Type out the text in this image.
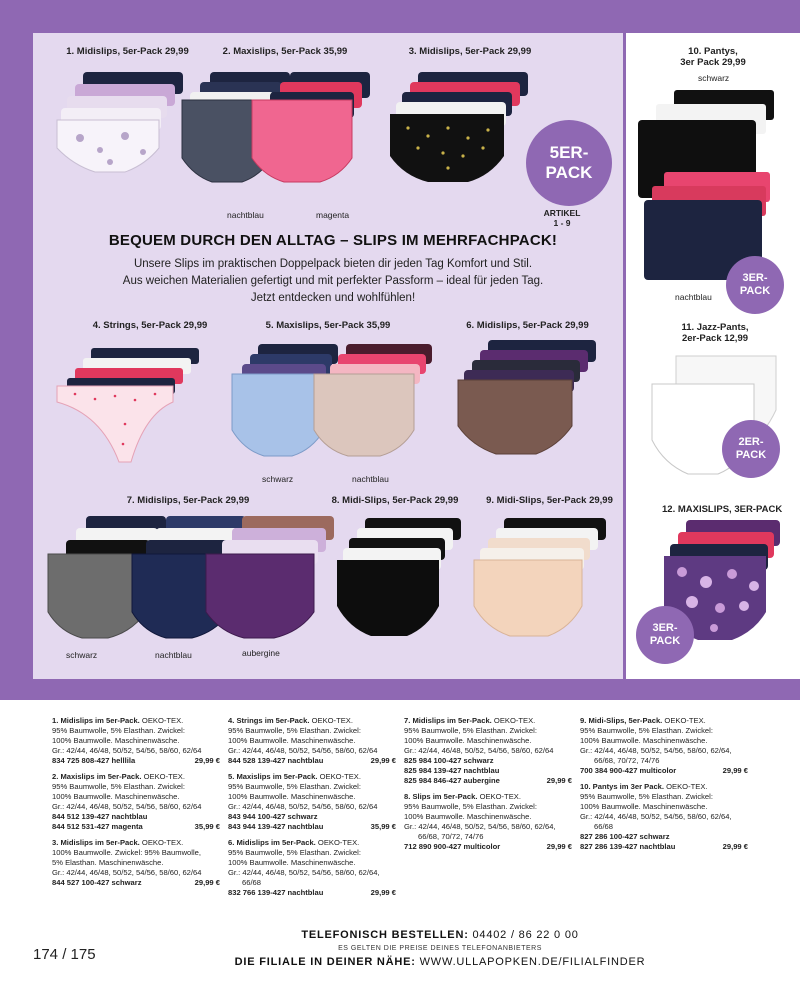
1. Midislips, 5er-Pack 29,99	2. Maxislips, 5er-Pack 35,99
nachtblau	magenta
3. Midislips, 5er-Pack 29,99
5ER-
PACK
ARTIKEL
1 - 9
BEQUEM DURCH DEN ALLTAG – SLIPS IM MEHRFACHPACK!
Unsere Slips im praktischen Doppelpack bieten dir jeden Tag Komfort und Stil.
Aus weichen Materialien gefertigt und mit perfekter Passform – ideal für jeden Tag.
Jetzt entdecken und wohlfühlen!
4. Strings, 5er-Pack 29,99	5. Maxislips, 5er-Pack 35,99
schwarz	nachtblau
6. Midislips, 5er-Pack 29,99
7. Midislips, 5er-Pack 29,99
schwarz	nachtblau	aubergine
8. Midi-Slips, 5er-Pack 29,99	9. Midi-Slips, 5er-Pack 29,99
10. Pantys,
3er Pack 29,99
schwarz
3ER-
PACK
nachtblau
11. Jazz-Pants,
2er-Pack 12,99
2ER-
PACK
12. MAXISLIPS, 3ER-PACK
3ER-
PACK
1. Midislips im 5er-Pack. OEKO-TEX.
95% Baumwolle, 5% Elasthan. Zwickel:
100% Baumwolle. Maschinenwäsche.
Gr.: 42/44, 46/48, 50/52, 54/56, 58/60, 62/64
834 725 808-427 helllila	29,99 €
2. Maxislips im 5er-Pack. OEKO-TEX.
95% Baumwolle, 5% Elasthan. Zwickel:
100% Baumwolle. Maschinenwäsche.
Gr.: 42/44, 46/48, 50/52, 54/56, 58/60, 62/64
844 512 139-427 nachtblau
844 512 531-427 magenta	35,99 €
3. Midislips im 5er-Pack. OEKO-TEX.
100% Baumwolle. Zwickel: 95% Baumwolle,
5% Elasthan. Maschinenwäsche.
Gr.: 42/44, 46/48, 50/52, 54/56, 58/60, 62/64
844 527 100-427 schwarz	29,99 €
4. Strings im 5er-Pack. OEKO-TEX.
95% Baumwolle, 5% Elasthan. Zwickel:
100% Baumwolle. Maschinenwäsche.
Gr.: 42/44, 46/48, 50/52, 54/56, 58/60, 62/64
844 528 139-427 nachtblau	29,99 €
5. Maxislips im 5er-Pack. OEKO-TEX.
95% Baumwolle, 5% Elasthan. Zwickel:
100% Baumwolle. Maschinenwäsche.
Gr.: 42/44, 46/48, 50/52, 54/56, 58/60, 62/64
843 944 100-427 schwarz
843 944 139-427 nachtblau	35,99 €
6. Midislips im 5er-Pack. OEKO-TEX.
95% Baumwolle, 5% Elasthan. Zwickel:
100% Baumwolle. Maschinenwäsche.
Gr.: 42/44, 46/48, 50/52, 54/56, 58/60, 62/64,
66/68
832 766 139-427 nachtblau	29,99 €
7. Midislips im 5er-Pack. OEKO-TEX.
95% Baumwolle, 5% Elasthan. Zwickel:
100% Baumwolle. Maschinenwäsche.
Gr.: 42/44, 46/48, 50/52, 54/56, 58/60, 62/64
825 984 100-427 schwarz
825 984 139-427 nachtblau
825 984 846-427 aubergine	29,99 €
8. Slips im 5er-Pack. OEKO-TEX.
95% Baumwolle, 5% Elasthan. Zwickel:
100% Baumwolle. Maschinenwäsche.
Gr.: 42/44, 46/48, 50/52, 54/56, 58/60, 62/64,
66/68, 70/72, 74/76
712 890 900-427 multicolor	29,99 €
9. Midi-Slips, 5er-Pack. OEKO-TEX.
95% Baumwolle, 5% Elasthan. Zwickel:
100% Baumwolle. Maschinenwäsche.
Gr.: 42/44, 46/48, 50/52, 54/56, 58/60, 62/64,
66/68, 70/72, 74/76
700 384 900-427 multicolor	29,99 €
10. Pantys im 3er Pack. OEKO-TEX.
95% Baumwolle, 5% Elasthan. Zwickel:
100% Baumwolle. Maschinenwäsche.
Gr.: 42/44, 46/48, 50/52, 54/56, 58/60, 62/64,
66/68
827 286 100-427 schwarz
827 286 139-427 nachtblau	29,99 €
TELEFONISCH BESTELLEN: 04402 / 86 22 0 00
ES GELTEN DIE PREISE DEINES TELEFONANBIETERS
DIE FILIALE IN DEINER NÄHE: WWW.ULLAPOPKEN.DE/FILIALFINDER
174 / 175
